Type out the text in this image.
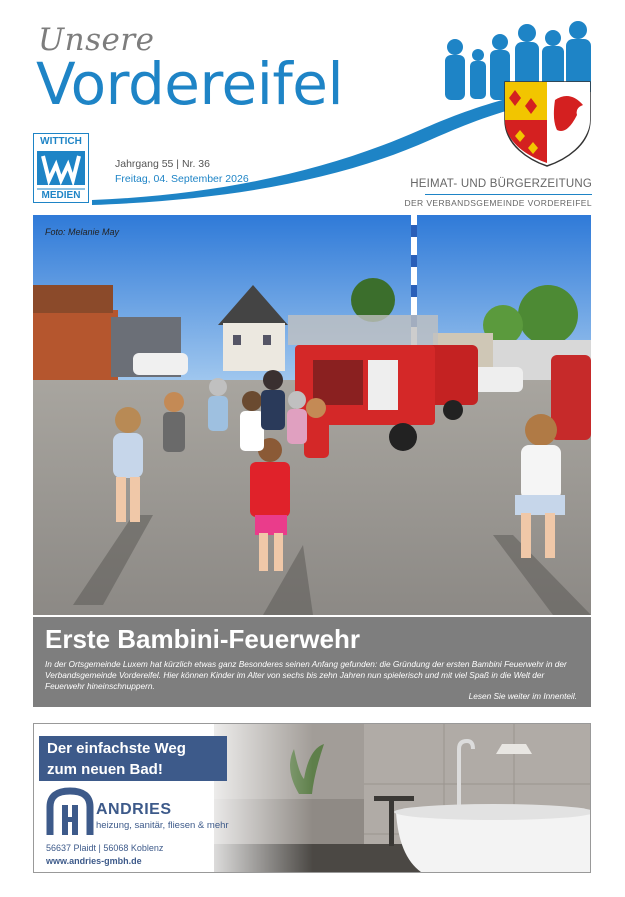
Unsere
Vordereifel
WITTICH
MEDIEN
Jahrgang 55 | Nr. 36
Freitag, 04. September 2026	HEIMAT- UND BÜRGERZEITUNG
DER VERBANDSGEMEINDE VORDEREIFEL
Foto: Melanie May
Erste Bambini-Feuerwehr
In der Ortsgemeinde Luxem hat kürzlich etwas ganz Besonderes seinen Anfang gefunden: die Gründung der ersten Bambini Feuerwehr in der Verbandsgemeinde Vordereifel. Hier können Kinder im Alter von sechs bis zehn Jahren nun spielerisch und mit viel Spaß in die Welt der Feuerwehr hineinschnuppern.
Lesen Sie weiter im Innenteil.
Der einfachste Weg
zum neuen Bad!
ANDRIES
heizung, sanitär, fliesen & mehr
56637 Plaidt | 56068 Koblenz
www.andries-gmbh.de
